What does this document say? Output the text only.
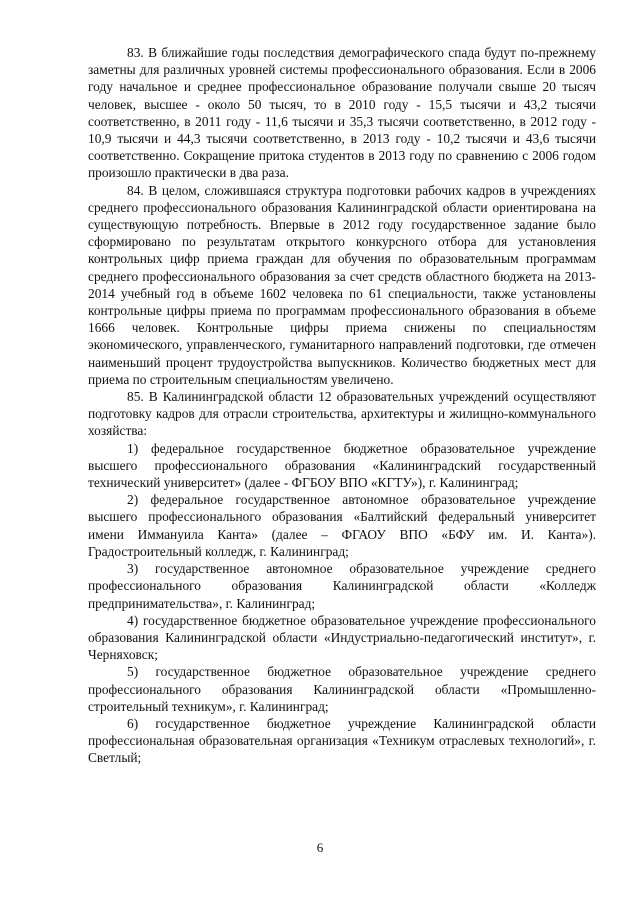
83. В ближайшие годы последствия демографического спада будут по-прежнему заметны для различных уровней системы профессионального образования. Если в 2006 году начальное и среднее профессиональное образование получали свыше 20 тысяч человек, высшее - около 50 тысяч, то в 2010 году - 15,5 тысячи и 43,2 тысячи соответственно, в 2011 году - 11,6 тысячи и 35,3 тысячи соответственно, в 2012 году - 10,9 тысячи и 44,3 тысячи соответственно, в 2013 году - 10,2 тысячи и 43,6 тысячи соответственно. Сокращение притока студентов в 2013 году по сравнению с 2006 годом произошло практически в два раза.

84. В целом, сложившаяся структура подготовки рабочих кадров в учреждениях среднего профессионального образования Калининградской области ориентирована на существующую потребность. Впервые в 2012 году государственное задание было сформировано по результатам открытого конкурсного отбора для установления контрольных цифр приема граждан для обучения по образовательным программам среднего профессионального образования за счет средств областного бюджета на 2013-2014 учебный год в объеме 1602 человека по 61 специальности, также установлены контрольные цифры приема по программам профессионального образования в объеме 1666 человек. Контрольные цифры приема снижены по специальностям экономического, управленческого, гуманитарного направлений подготовки, где отмечен наименьший процент трудоустройства выпускников. Количество бюджетных мест для приема по строительным специальностям увеличено.

85. В Калининградской области 12 образовательных учреждений осуществляют подготовку кадров для отрасли строительства, архитектуры и жилищно-коммунального хозяйства:

1) федеральное государственное бюджетное образовательное учреждение высшего профессионального образования «Калининградский государственный технический университет» (далее - ФГБОУ ВПО «КГТУ»), г. Калининград;

2) федеральное государственное автономное образовательное учреждение высшего профессионального образования «Балтийский федеральный университет имени Иммануила Канта» (далее – ФГАОУ ВПО «БФУ им. И. Канта»). Градостроительный колледж, г. Калининград;

3) государственное автономное образовательное учреждение среднего профессионального образования Калининградской области «Колледж предпринимательства», г. Калининград;

4) государственное бюджетное образовательное учреждение профессионального образования Калининградской области «Индустриально-педагогический институт», г. Черняховск;

5) государственное бюджетное образовательное учреждение среднего профессионального образования Калининградской области «Промышленно-строительный техникум», г. Калининград;

6) государственное бюджетное учреждение Калининградской области профессиональная образовательная организация «Техникум отраслевых технологий», г. Светлый;

6
